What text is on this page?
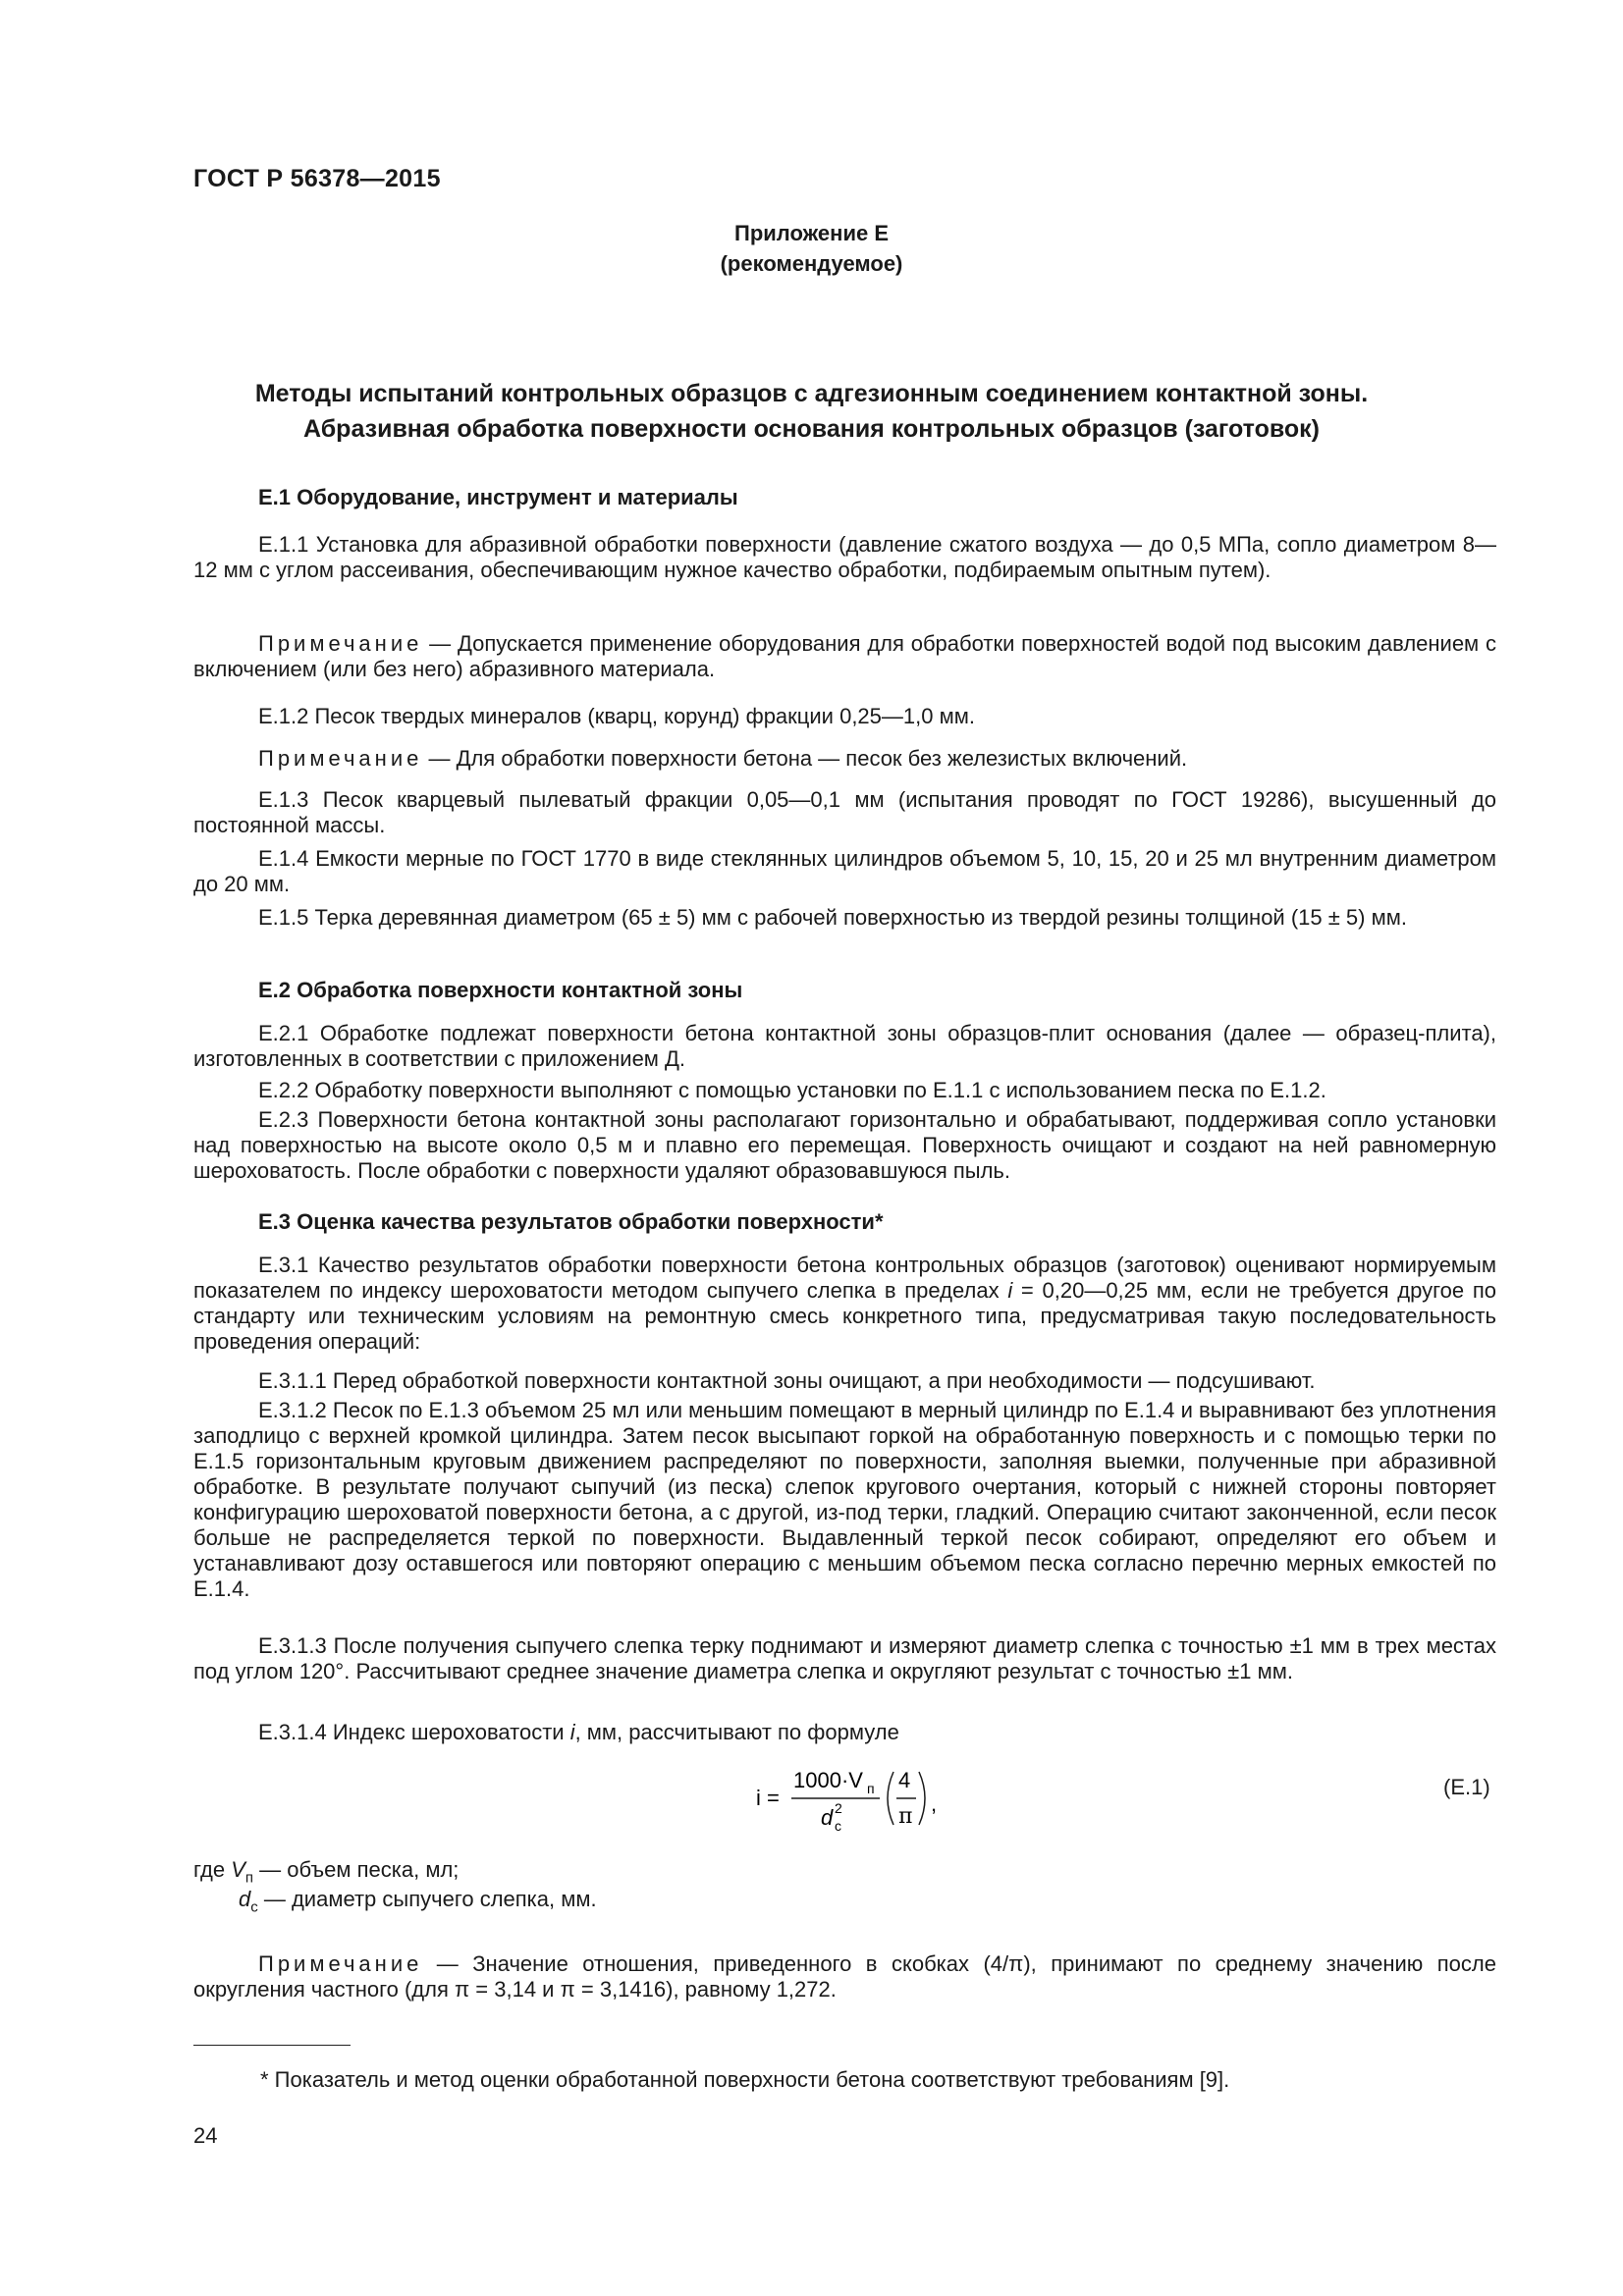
ГОСТ Р 56378—2015
Приложение Е
(рекомендуемое)
Методы испытаний контрольных образцов с адгезионным соединением контактной зоны.
Абразивная обработка поверхности основания контрольных образцов (заготовок)
Е.1 Оборудование, инструмент и материалы
Е.1.1 Установка для абразивной обработки поверхности (давление сжатого воздуха — до 0,5 МПа, сопло диаметром 8—12 мм с углом рассеивания, обеспечивающим нужное качество обработки, подбираемым опытным путем).
Примечание — Допускается применение оборудования для обработки поверхностей водой под высоким давлением с включением (или без него) абразивного материала.
Е.1.2 Песок твердых минералов (кварц, корунд) фракции 0,25—1,0 мм.
Примечание — Для обработки поверхности бетона — песок без железистых включений.
Е.1.3 Песок кварцевый пылеватый фракции 0,05—0,1 мм (испытания проводят по ГОСТ 19286), высушенный до постоянной массы.
Е.1.4 Емкости мерные по ГОСТ 1770 в виде стеклянных цилиндров объемом 5, 10, 15, 20 и 25 мл внутренним диаметром до 20 мм.
Е.1.5 Терка деревянная диаметром (65 ± 5) мм с рабочей поверхностью из твердой резины толщиной (15 ± 5) мм.
Е.2 Обработка поверхности контактной зоны
Е.2.1 Обработке подлежат поверхности бетона контактной зоны образцов-плит основания (далее — образец-плита), изготовленных в соответствии с приложением Д.
Е.2.2 Обработку поверхности выполняют с помощью установки по Е.1.1 с использованием песка по Е.1.2.
Е.2.3 Поверхности бетона контактной зоны располагают горизонтально и обрабатывают, поддерживая сопло установки над поверхностью на высоте около 0,5 м и плавно его перемещая. Поверхность очищают и создают на ней равномерную шероховатость. После обработки с поверхности удаляют образовавшуюся пыль.
Е.3 Оценка качества результатов обработки поверхности*
Е.3.1 Качество результатов обработки поверхности бетона контрольных образцов (заготовок) оценивают нормируемым показателем по индексу шероховатости методом сыпучего слепка в пределах i = 0,20—0,25 мм, если не требуется другое по стандарту или техническим условиям на ремонтную смесь конкретного типа, предусматривая такую последовательность проведения операций:
Е.3.1.1 Перед обработкой поверхности контактной зоны очищают, а при необходимости — подсушивают.
Е.3.1.2 Песок по Е.1.3 объемом 25 мл или меньшим помещают в мерный цилиндр по Е.1.4 и выравнивают без уплотнения заподлицо с верхней кромкой цилиндра. Затем песок высыпают горкой на обработанную поверхность и с помощью терки по Е.1.5 горизонтальным круговым движением распределяют по поверхности, заполняя выемки, полученные при абразивной обработке. В результате получают сыпучий (из песка) слепок кругового очертания, который с нижней стороны повторяет конфигурацию шероховатой поверхности бетона, а с другой, из-под терки, гладкий. Операцию считают законченной, если песок больше не распределяется теркой по поверхности. Выдавленный теркой песок собирают, определяют его объем и устанавливают дозу оставшегося или повторяют операцию с меньшим объемом песка согласно перечню мерных емкостей по Е.1.4.
Е.3.1.3 После получения сыпучего слепка терку поднимают и измеряют диаметр слепка с точностью ±1 мм в трех местах под углом 120°. Рассчитывают среднее значение диаметра слепка и округляют результат с точностью ±1 мм.
Е.3.1.4 Индекс шероховатости i, мм, рассчитывают по формуле
i =
1000·V п
d 2
с
4
π
,
(Е.1)
где $V_п$ — объем песка, мл;
$d_с$ — диаметр сыпучего слепка, мм.
Примечание — Значение отношения, приведенного в скобках (4/π), принимают по среднему значению после округления частного (для π = 3,14 и π = 3,1416), равному 1,272.
* Показатель и метод оценки обработанной поверхности бетона соответствуют требованиям [9].
24
